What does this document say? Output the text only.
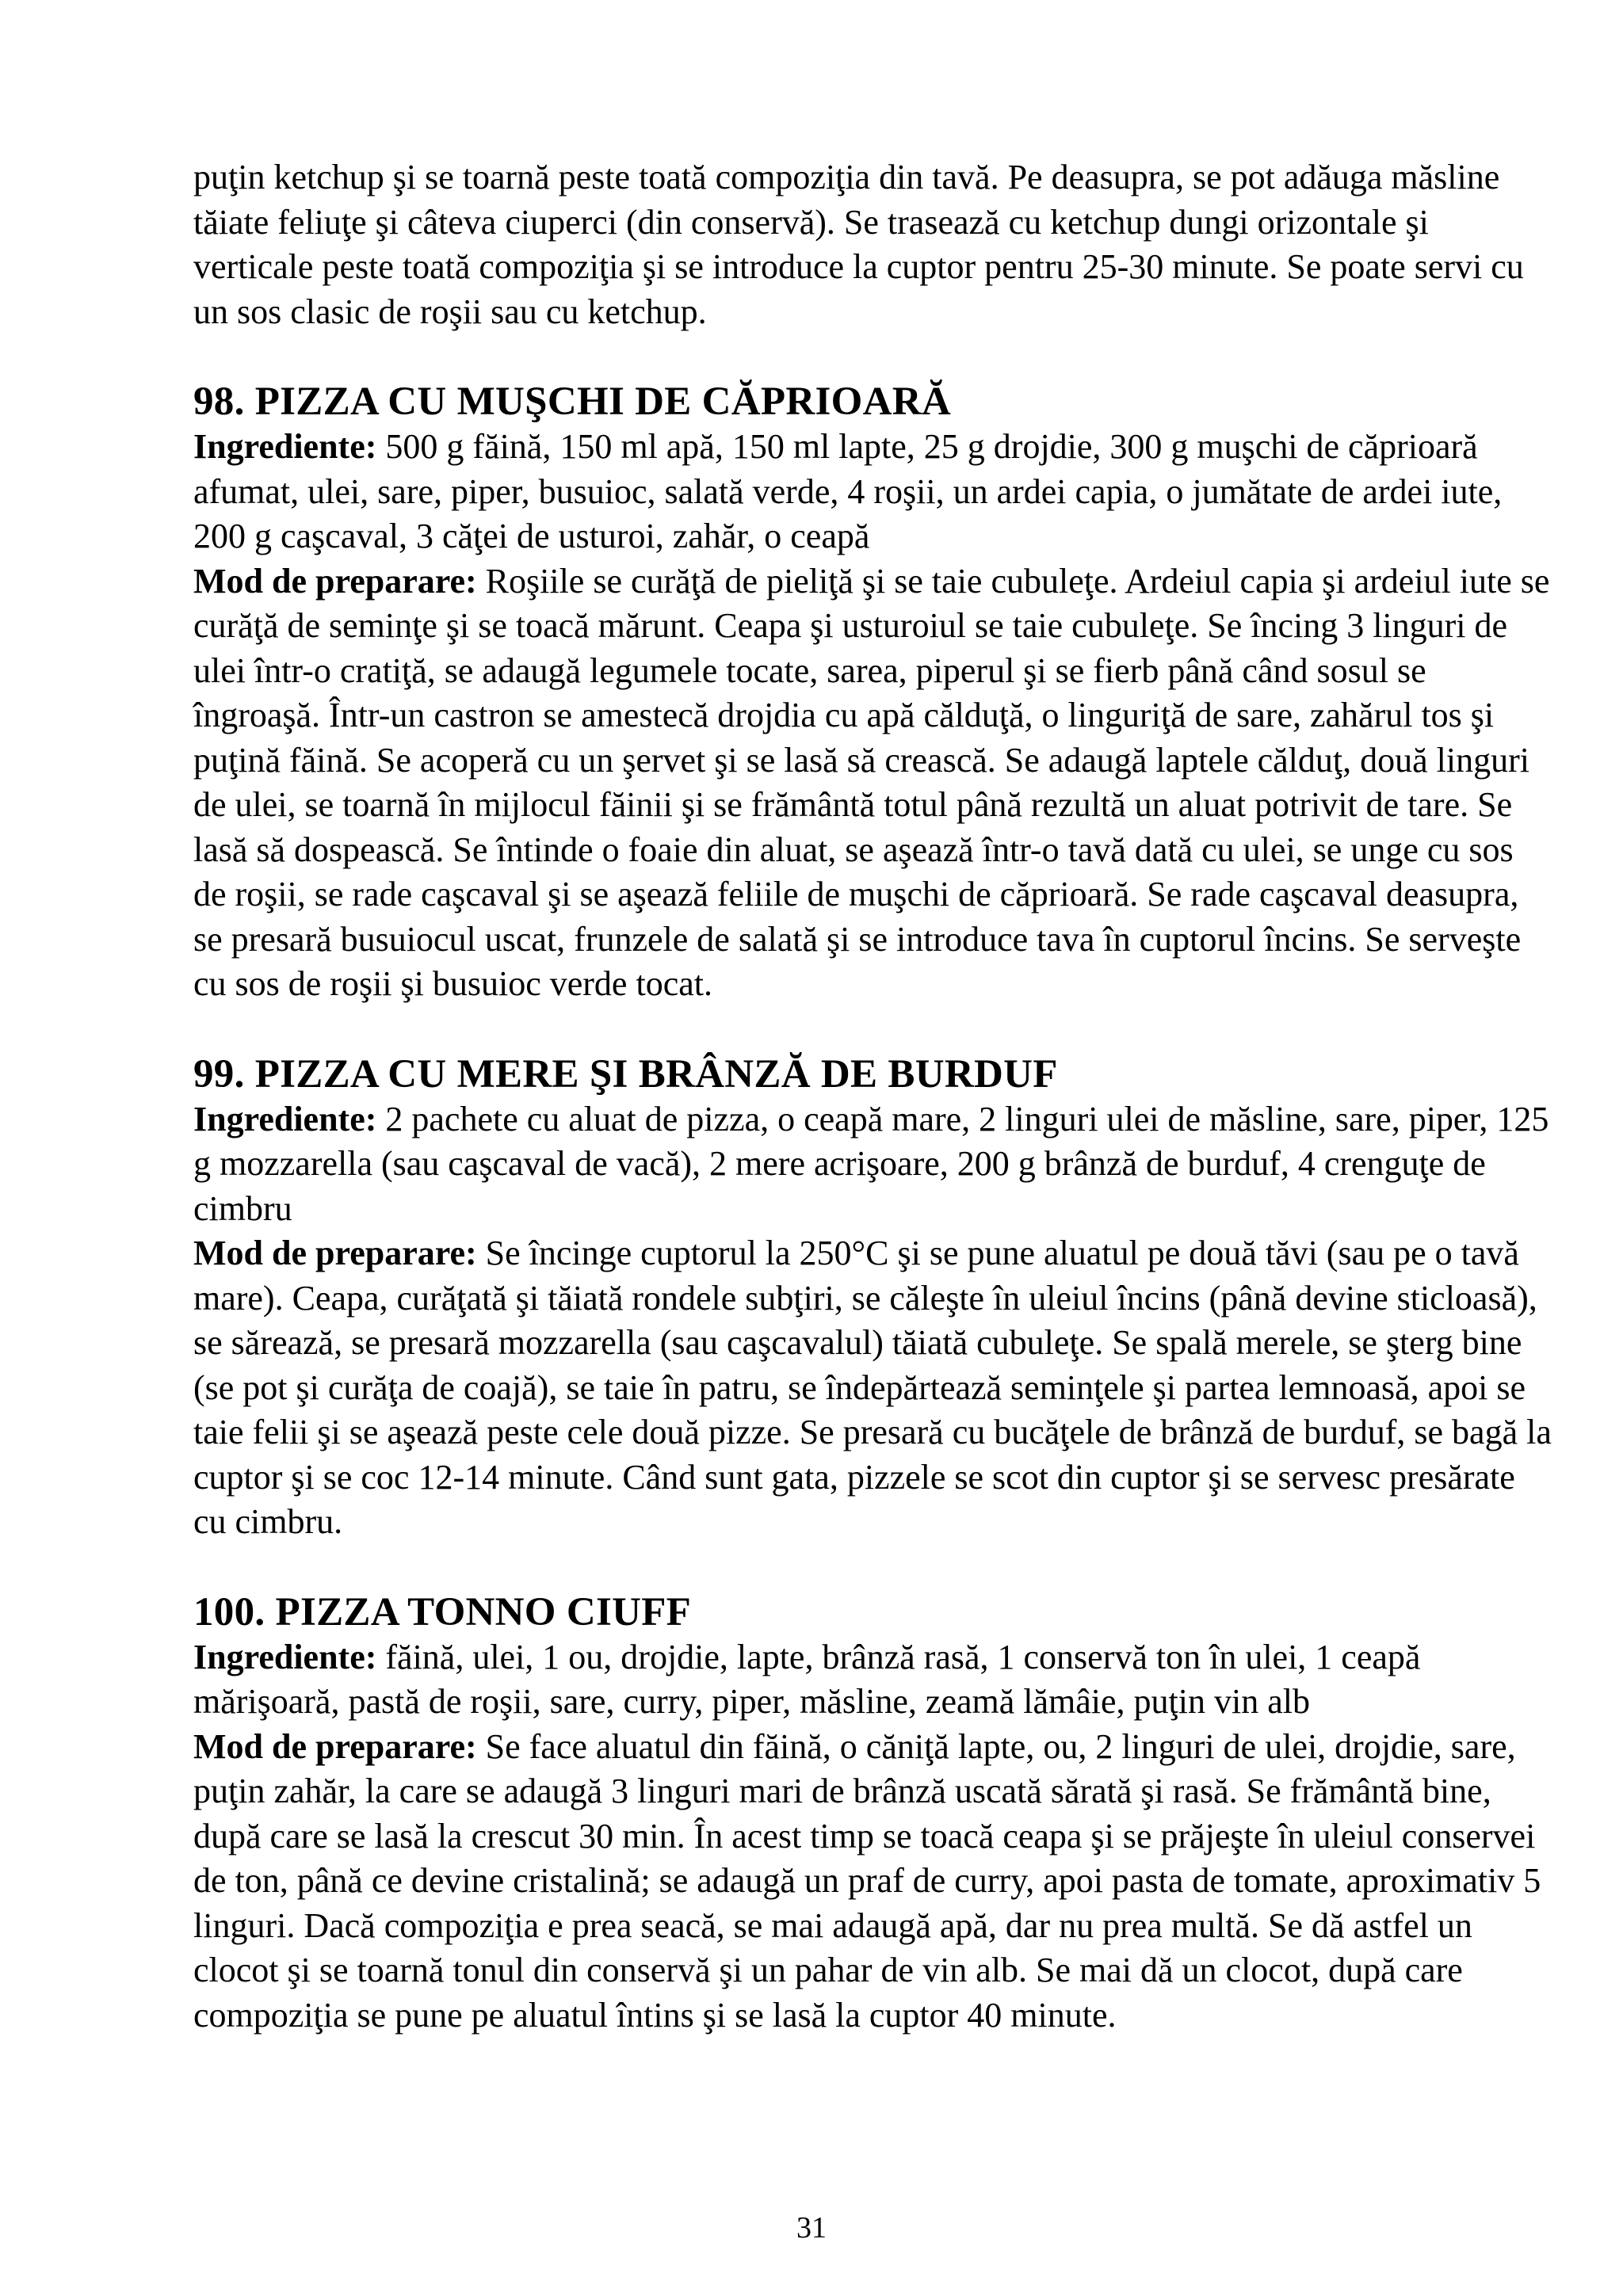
puţin ketchup şi se toarnă peste toată compoziţia din tavă. Pe deasupra, se pot adăuga măsline tăiate feliuţe şi câteva ciuperci (din conservă). Se trasează cu ketchup dungi orizontale şi verticale peste toată compoziţia şi se introduce la cuptor pentru 25-30 minute. Se poate servi cu un sos clasic de roşii sau cu ketchup.

98. PIZZA CU MUŞCHI DE CĂPRIOARĂ

Ingrediente: 500 g făină, 150 ml apă, 150 ml lapte, 25 g drojdie, 300 g muşchi de căprioară afumat, ulei, sare, piper, busuioc, salată verde, 4 roşii, un ardei capia, o jumătate de ardei iute, 200 g caşcaval, 3 căţei de usturoi, zahăr, o ceapă

Mod de preparare: Roşiile se curăţă de pieliţă şi se taie cubuleţe. Ardeiul capia şi ardeiul iute se curăţă de seminţe şi se toacă mărunt. Ceapa şi usturoiul se taie cubuleţe. Se încing 3 linguri de ulei într-o cratiţă, se adaugă legumele tocate, sarea, piperul şi se fierb până când sosul se îngroaşă. Într-un castron se amestecă drojdia cu apă călduţă, o linguriţă de sare, zahărul tos şi puţină făină. Se acoperă cu un şervet şi se lasă să crească. Se adaugă laptele călduţ, două linguri de ulei, se toarnă în mijlocul făinii şi se frământă totul până rezultă un aluat potrivit de tare. Se lasă să dospească. Se întinde o foaie din aluat, se aşează într-o tavă dată cu ulei, se unge cu sos de roşii, se rade caşcaval şi se aşează feliile de muşchi de căprioară. Se rade caşcaval deasupra, se presară busuiocul uscat, frunzele de salată şi se introduce tava în cuptorul încins. Se serveşte cu sos de roşii şi busuioc verde tocat.

99. PIZZA CU MERE ŞI BRÂNZĂ DE BURDUF

Ingrediente: 2 pachete cu aluat de pizza, o ceapă mare, 2 linguri ulei de măsline, sare, piper, 125 g mozzarella (sau caşcaval de vacă), 2 mere acrişoare, 200 g brânză de burduf, 4 crenguţe de cimbru

Mod de preparare: Se încinge cuptorul la 250°C şi se pune aluatul pe două tăvi (sau pe o tavă mare). Ceapa, curăţată şi tăiată rondele subţiri, se căleşte în uleiul încins (până devine sticloasă), se sărează, se presară mozzarella (sau caşcavalul) tăiată cubuleţe. Se spală merele, se şterg bine (se pot şi curăţa de coajă), se taie în patru, se îndepărtează seminţele şi partea lemnoasă, apoi se taie felii şi se aşează peste cele două pizze. Se presară cu bucăţele de brânză de burduf, se bagă la cuptor şi se coc 12-14 minute. Când sunt gata, pizzele se scot din cuptor şi se servesc presărate cu cimbru.

100. PIZZA TONNO CIUFF

Ingrediente: făină, ulei, 1 ou, drojdie, lapte, brânză rasă, 1 conservă ton în ulei, 1 ceapă mărişoară, pastă de roşii, sare, curry, piper, măsline, zeamă lămâie, puţin vin alb

Mod de preparare: Se face aluatul din făină, o căniţă lapte, ou, 2 linguri de ulei, drojdie, sare, puţin zahăr, la care se adaugă 3 linguri mari de brânză uscată sărată şi rasă. Se frământă bine, după care se lasă la crescut 30 min. În acest timp se toacă ceapa şi se prăjeşte în uleiul conservei de ton, până ce devine cristalină; se adaugă un praf de curry, apoi pasta de tomate, aproximativ 5 linguri. Dacă compoziţia e prea seacă, se mai adaugă apă, dar nu prea multă. Se dă astfel un clocot şi se toarnă tonul din conservă şi un pahar de vin alb. Se mai dă un clocot, după care compoziţia se pune pe aluatul întins şi se lasă la cuptor 40 minute.

31
